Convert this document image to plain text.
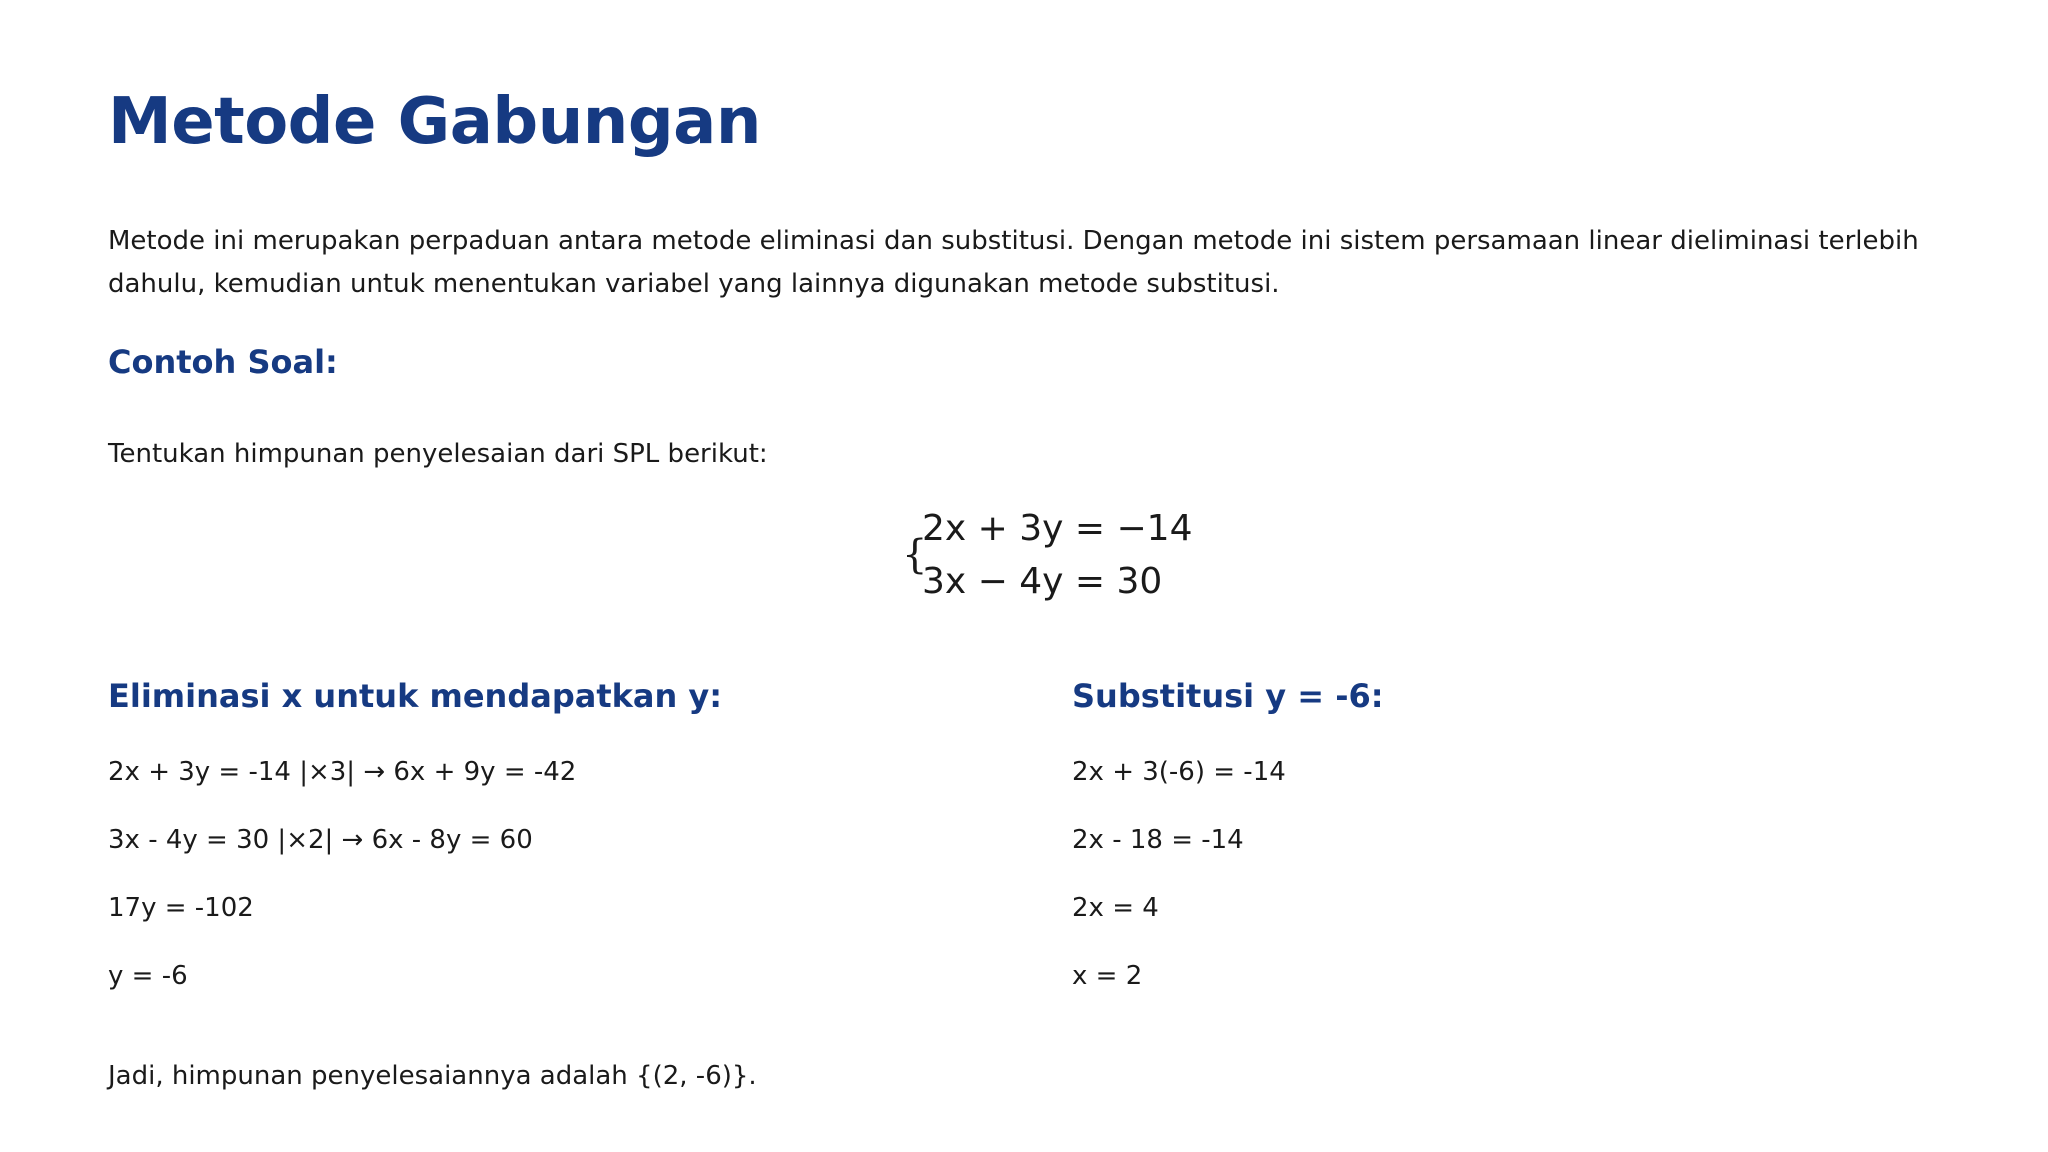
Metode Gabungan

Metode ini merupakan perpaduan antara metode eliminasi dan substitusi. Dengan metode ini sistem persamaan linear dieliminasi terlebih dahulu, kemudian untuk menentukan variabel yang lainnya digunakan metode substitusi.

Contoh Soal:

Tentukan himpunan penyelesaian dari SPL berikut:

{
2x + 3y = −14
3x − 4y = 30
Eliminasi x untuk mendapatkan y:

2x + 3y = -14 |×3| → 6x + 9y = -42

3x - 4y = 30 |×2| → 6x - 8y = 60

17y = -102

y = -6

Substitusi y = -6:

2x + 3(-6) = -14

2x - 18 = -14

2x = 4

x = 2

Jadi, himpunan penyelesaiannya adalah {(2, -6)}.
